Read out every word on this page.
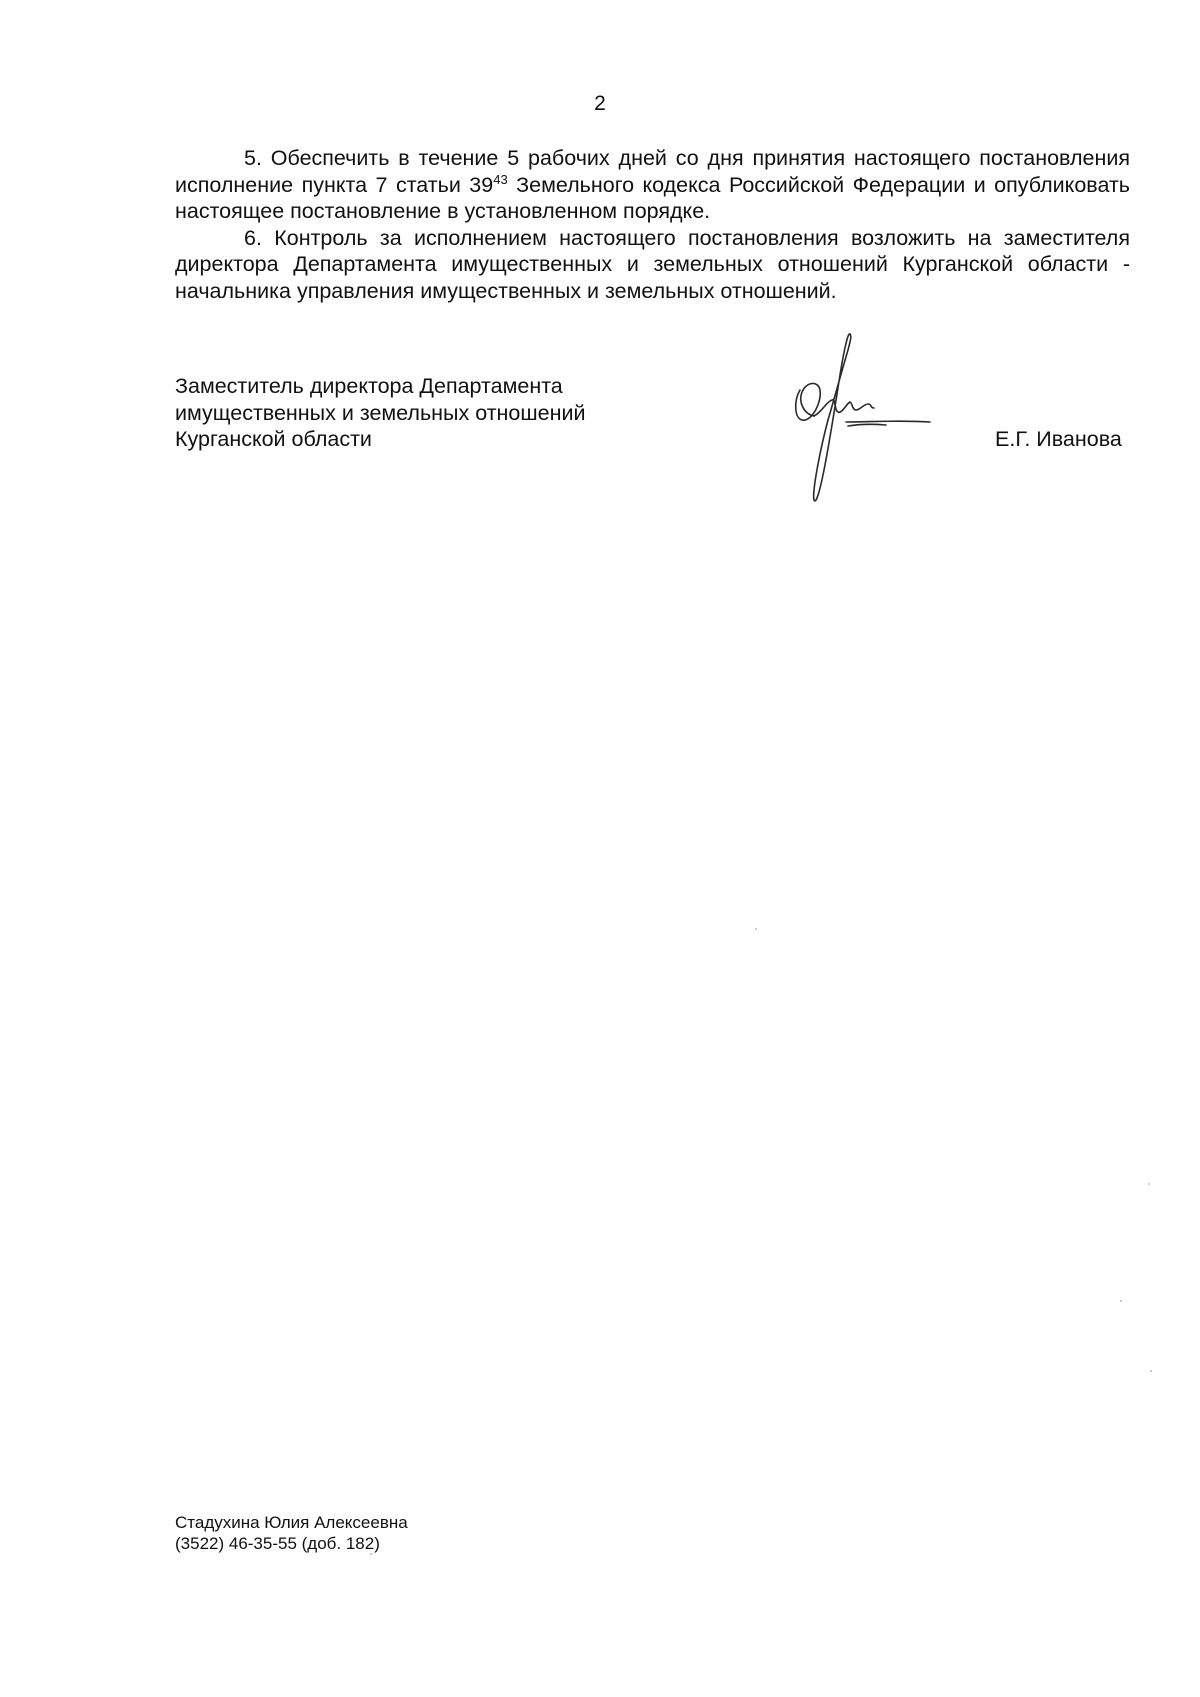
2

5. Обеспечить в течение 5 рабочих дней со дня принятия настоящего постановления исполнение пункта 7 статьи $39^{43}$ Земельного кодекса Российской Федерации и опубликовать настоящее постановление в установленном порядке.

6. Контроль за исполнением настоящего постановления возложить на заместителя директора Департамента имущественных и земельных отношений Курганской области - начальника управления имущественных и земельных отношений.

Заместитель директора Департамента
имущественных и земельных отношений
Курганской области	Е.Г. Иванова
Стадухина Юлия Алексеевна
(3522) 46-35-55 (доб. 182)
